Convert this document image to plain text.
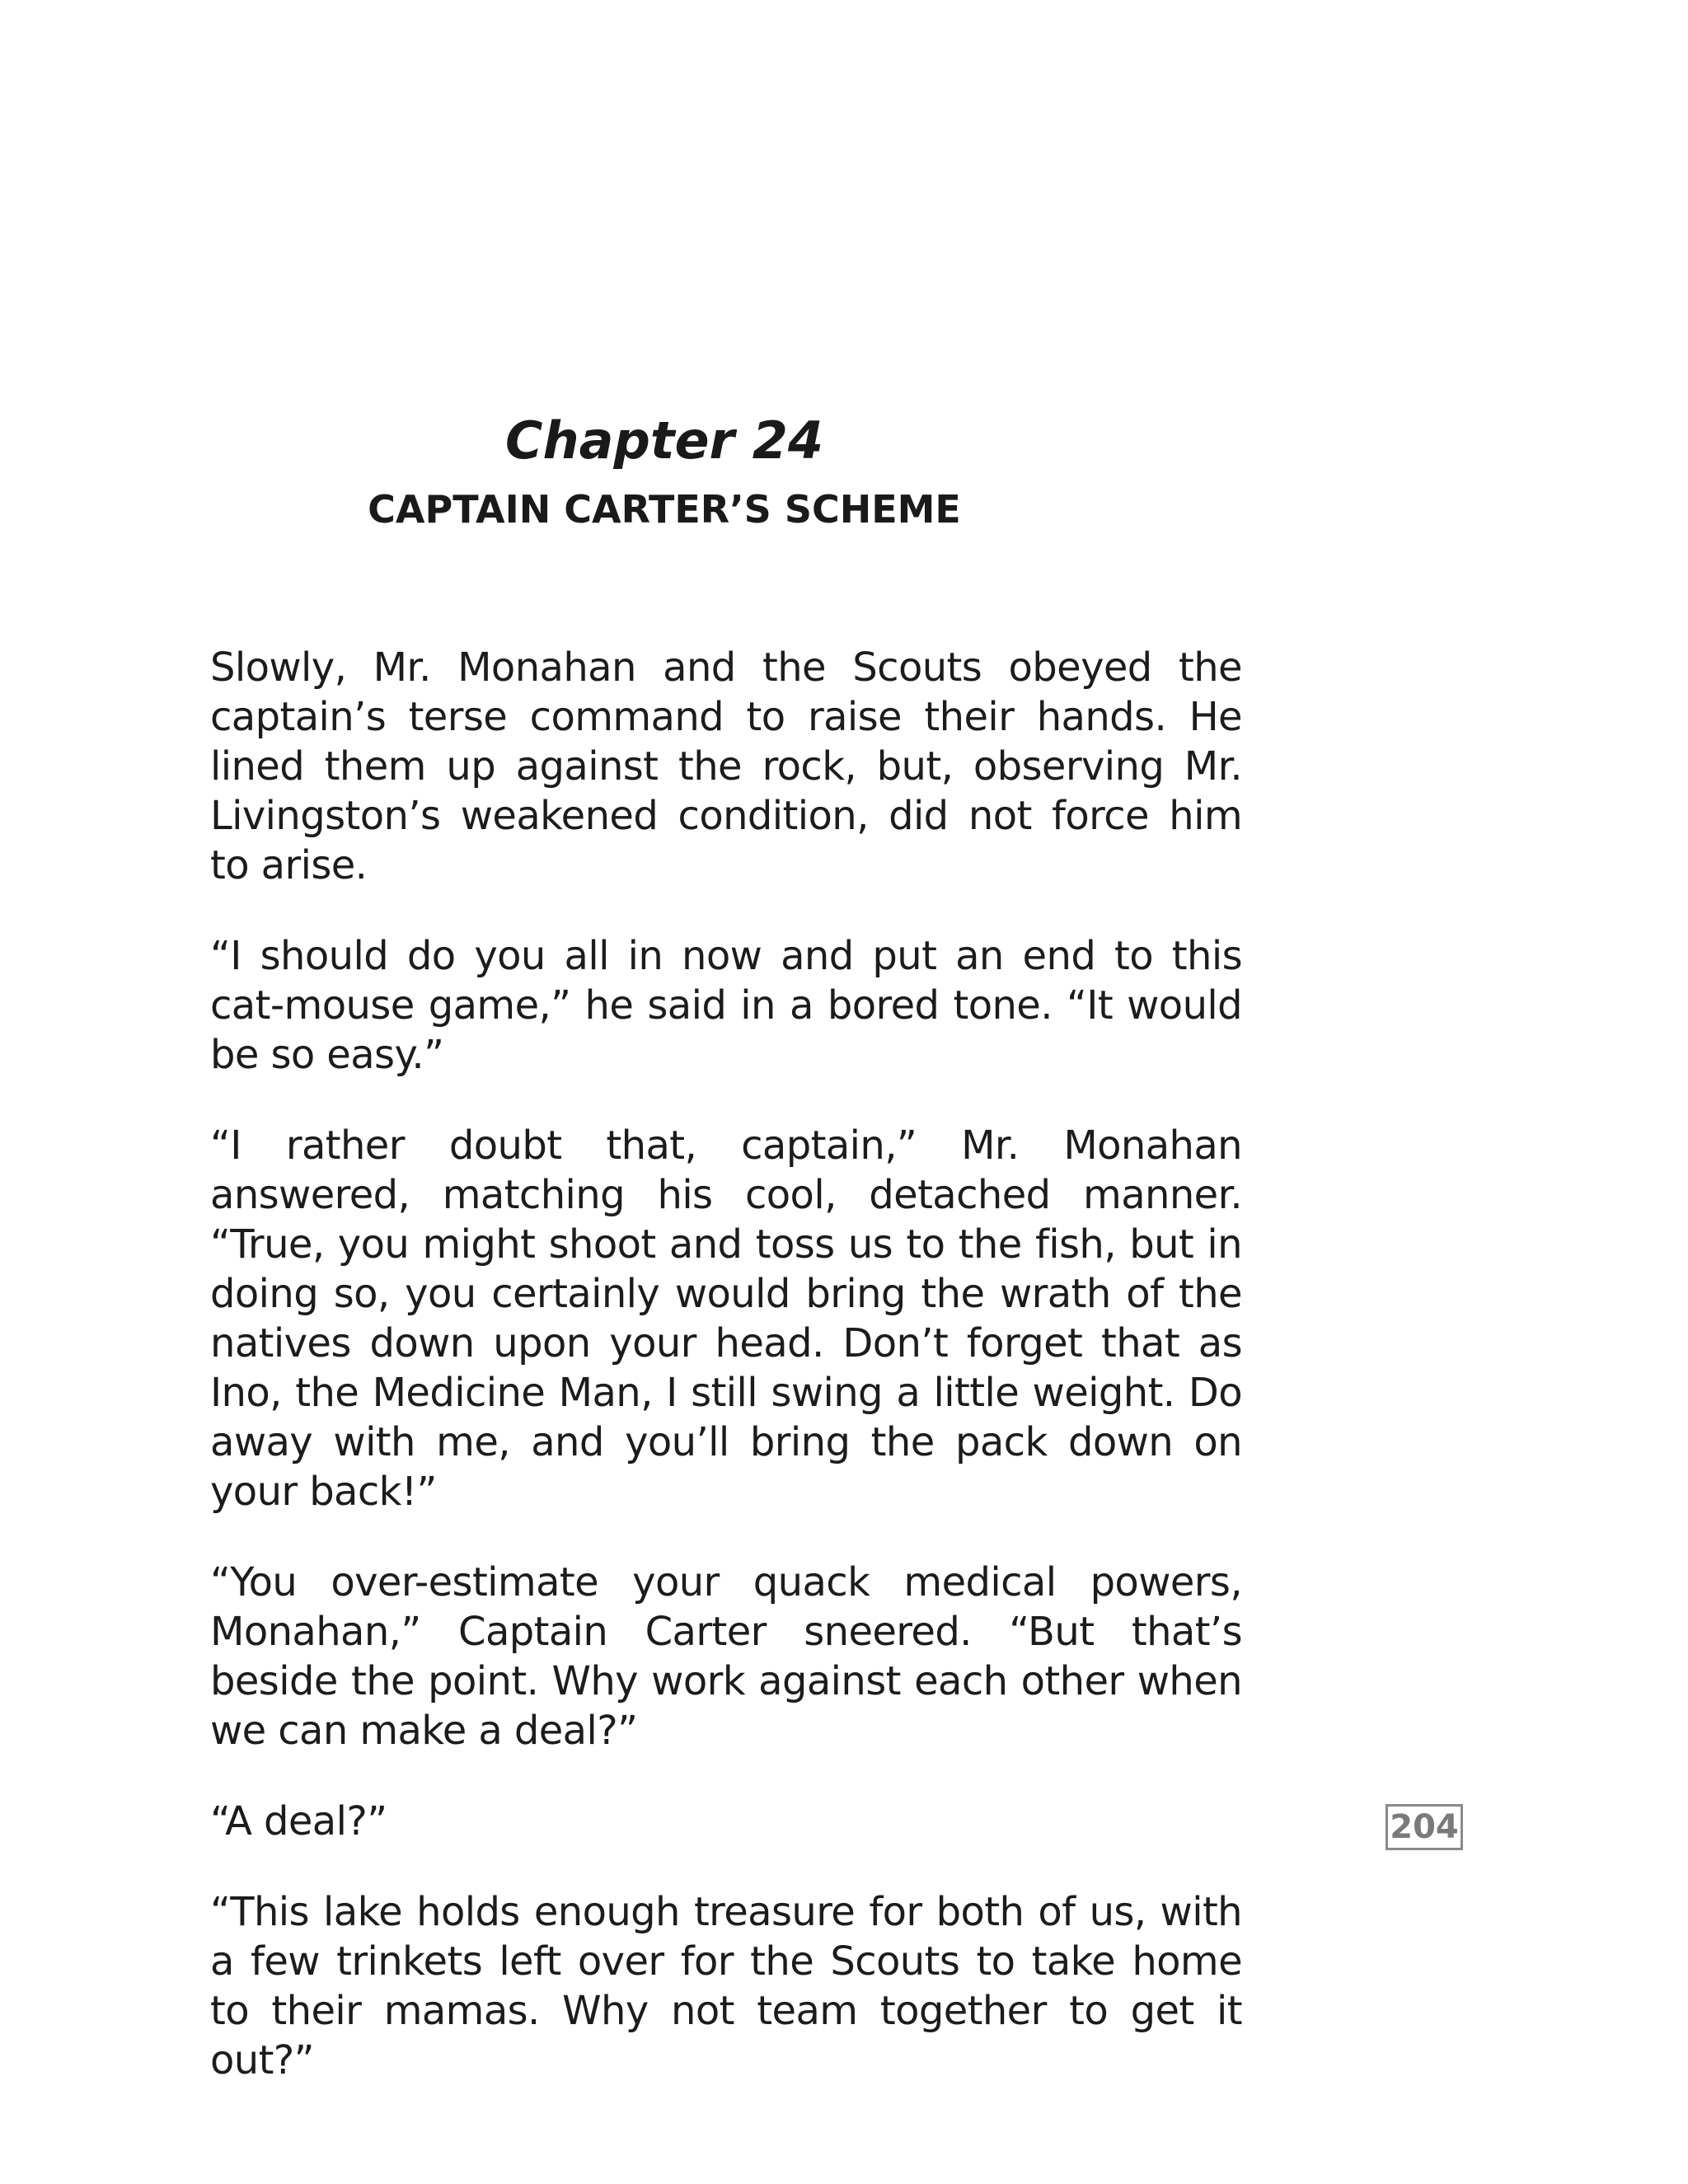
Chapter 24
CAPTAIN CARTER’S SCHEME

Slowly, Mr. Monahan and the Scouts obeyed the captain’s terse command to raise their hands. He lined them up against the rock, but, observing Mr. Livingston’s weakened condition, did not force him to arise.

“I should do you all in now and put an end to this cat-mouse game,” he said in a bored tone. “It would be so easy.”

“I rather doubt that, captain,” Mr. Monahan answered, matching his cool, detached manner. “True, you might shoot and toss us to the fish, but in doing so, you certainly would bring the wrath of the natives down upon your head. Don’t forget that as Ino, the Medicine Man, I still swing a little weight. Do away with me, and you’ll bring the pack down on your back!”

“You over-estimate your quack medical powers, Monahan,” Captain Carter sneered. “But that’s beside the point. Why work against each other when we can make a deal?”

“A deal?”

“This lake holds enough treasure for both of us, with a few trinkets left over for the Scouts to take home to their mamas. Why not team together to get it out?”

204
